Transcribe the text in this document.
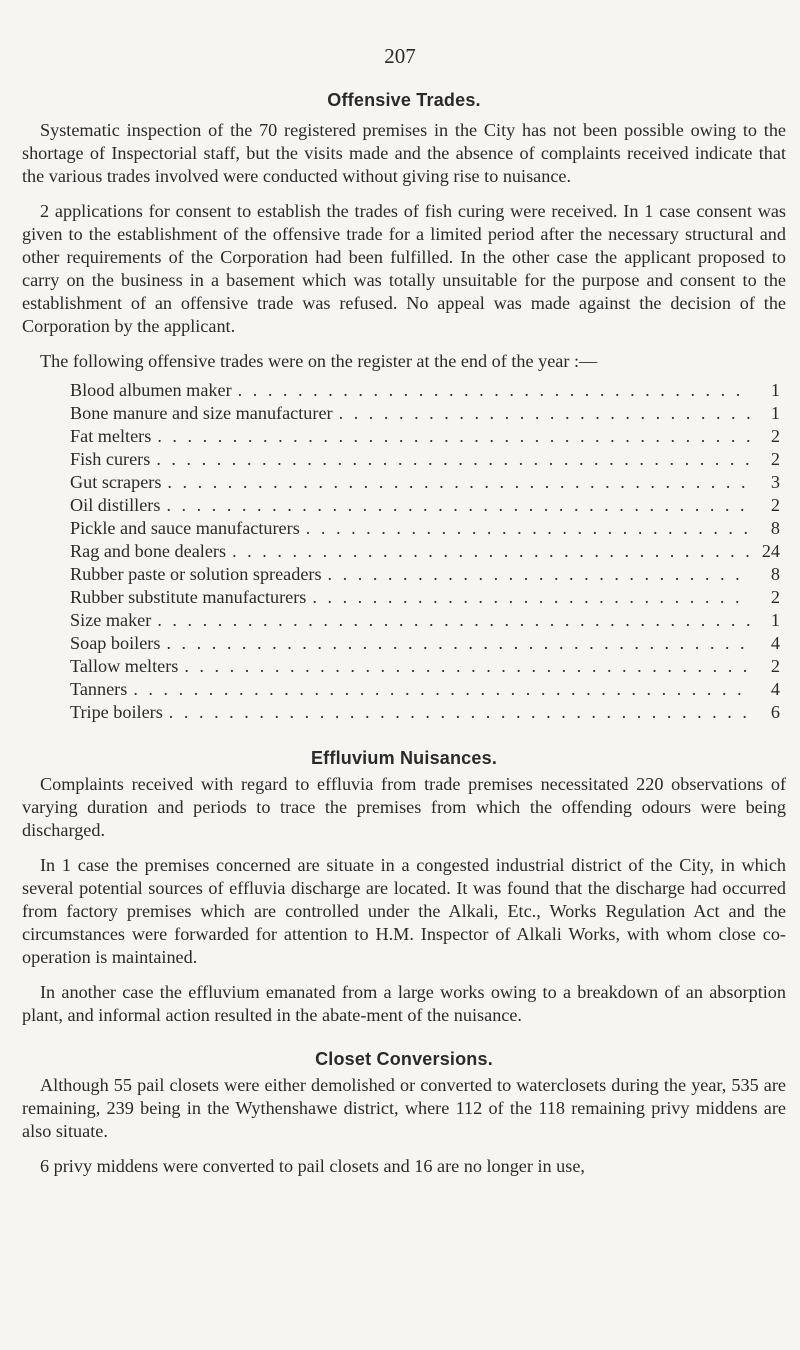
207
Offensive Trades.

Systematic inspection of the 70 registered premises in the City has not been possible owing to the shortage of Inspectorial staff, but the visits made and the absence of complaints received indicate that the various trades involved were conducted without giving rise to nuisance.

2 applications for consent to establish the trades of fish curing were received. In 1 case consent was given to the establishment of the offensive trade for a limited period after the necessary structural and other requirements of the Corporation had been fulfilled. In the other case the applicant proposed to carry on the business in a basement which was totally unsuitable for the purpose and consent to the establishment of an offensive trade was refused. No appeal was made against the decision of the Corporation by the applicant.

The following offensive trades were on the register at the end of the year :—

Blood albumen maker . . .	1
Bone manure and size manufacturer . . .	1
Fat melters . . .	2
Fish curers . . .	2
Gut scrapers . . .	3
Oil distillers . . .	2
Pickle and sauce manufacturers . . .	8
Rag and bone dealers . . .	24
Rubber paste or solution spreaders . . .	8
Rubber substitute manufacturers . . .	2
Size maker . . .	1
Soap boilers . . .	4
Tallow melters . . .	2
Tanners . . .	4
Tripe boilers . . .	6
Effluvium Nuisances.

Complaints received with regard to effluvia from trade premises necessitated 220 observations of varying duration and periods to trace the premises from which the offending odours were being discharged.

In 1 case the premises concerned are situate in a congested industrial district of the City, in which several potential sources of effluvia discharge are located. It was found that the discharge had occurred from factory premises which are controlled under the Alkali, Etc., Works Regulation Act and the circumstances were forwarded for attention to H.M. Inspector of Alkali Works, with whom close co-operation is maintained.

In another case the effluvium emanated from a large works owing to a breakdown of an absorption plant, and informal action resulted in the abate-ment of the nuisance.

Closet Conversions.

Although 55 pail closets were either demolished or converted to waterclosets during the year, 535 are remaining, 239 being in the Wythenshawe district, where 112 of the 118 remaining privy middens are also situate.

6 privy middens were converted to pail closets and 16 are no longer in use,
